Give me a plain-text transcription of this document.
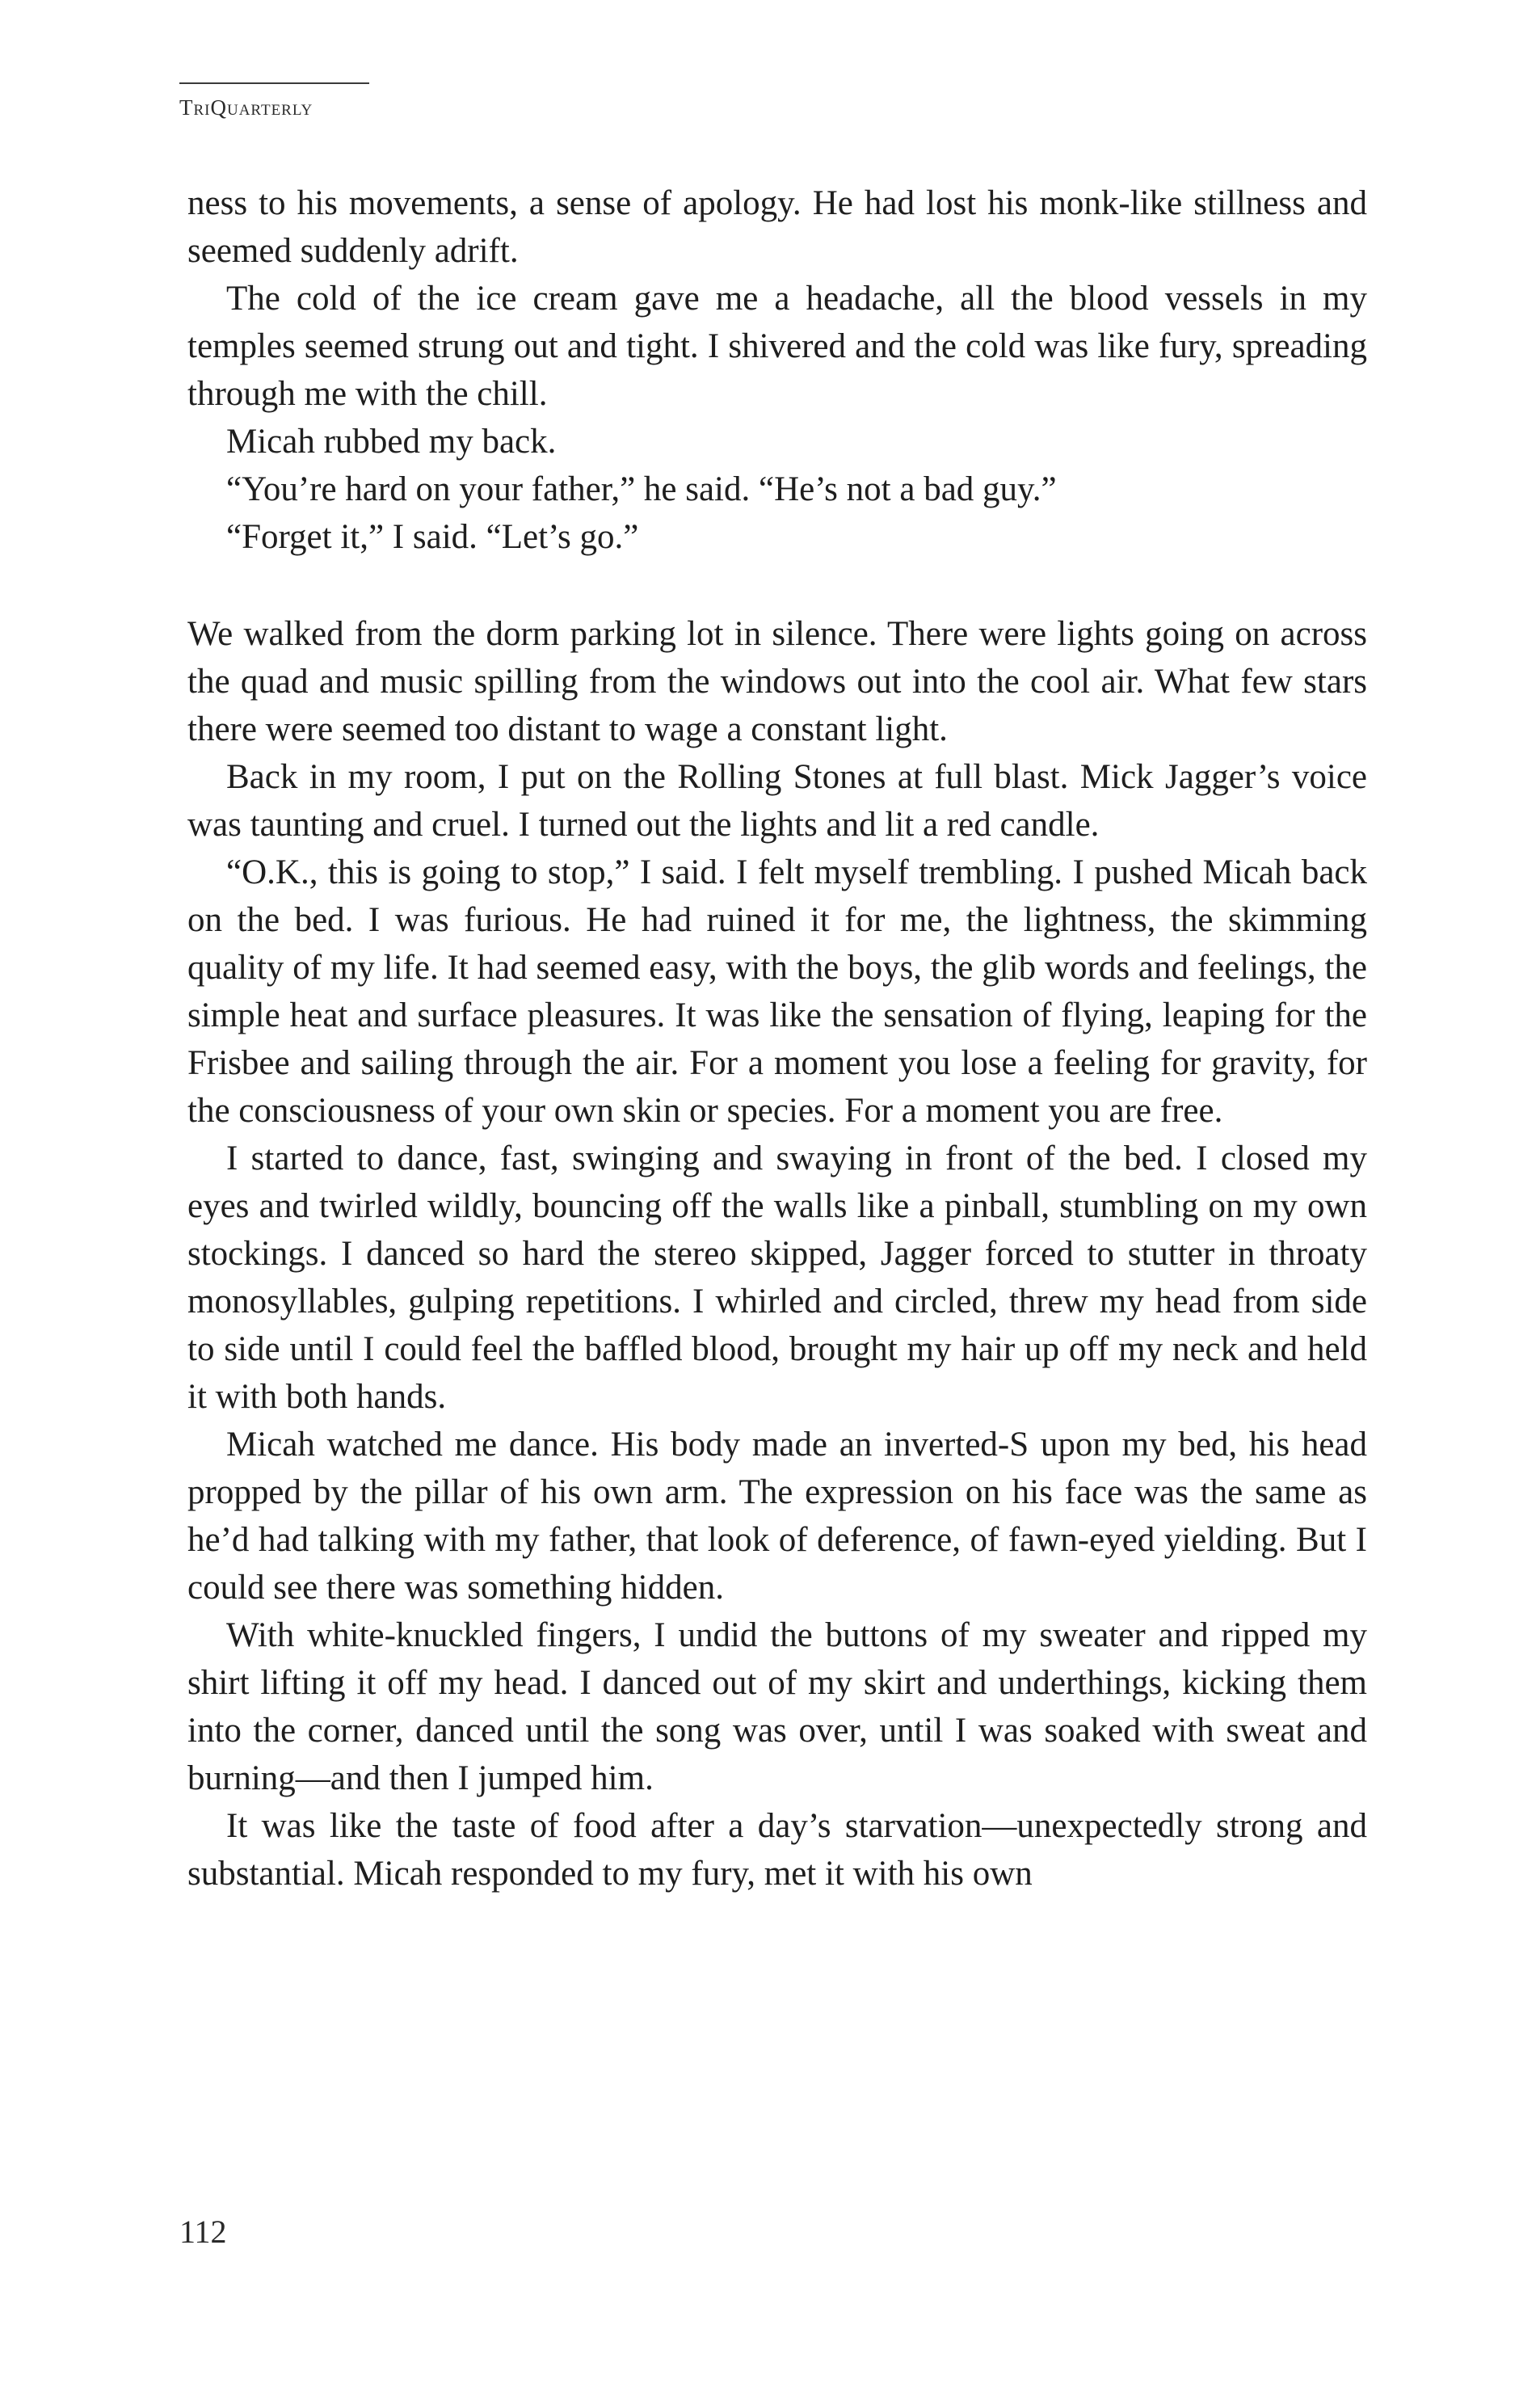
TriQuarterly

ness to his movements, a sense of apology. He had lost his monk-like stillness and seemed suddenly adrift.

The cold of the ice cream gave me a headache, all the blood vessels in my temples seemed strung out and tight. I shivered and the cold was like fury, spreading through me with the chill.

Micah rubbed my back.

“You’re hard on your father,” he said. “He’s not a bad guy.”

“Forget it,” I said. “Let’s go.”

We walked from the dorm parking lot in silence. There were lights going on across the quad and music spilling from the windows out into the cool air. What few stars there were seemed too distant to wage a constant light.

Back in my room, I put on the Rolling Stones at full blast. Mick Jagger’s voice was taunting and cruel. I turned out the lights and lit a red candle.

“O.K., this is going to stop,” I said. I felt myself trembling. I pushed Micah back on the bed. I was furious. He had ruined it for me, the lightness, the skimming quality of my life. It had seemed easy, with the boys, the glib words and feelings, the simple heat and surface pleasures. It was like the sensation of flying, leaping for the Frisbee and sailing through the air. For a moment you lose a feeling for gravity, for the consciousness of your own skin or species. For a moment you are free.

I started to dance, fast, swinging and swaying in front of the bed. I closed my eyes and twirled wildly, bouncing off the walls like a pinball, stumbling on my own stockings. I danced so hard the stereo skipped, Jagger forced to stutter in throaty monosyllables, gulping repetitions. I whirled and circled, threw my head from side to side until I could feel the baffled blood, brought my hair up off my neck and held it with both hands.

Micah watched me dance. His body made an inverted-S upon my bed, his head propped by the pillar of his own arm. The expression on his face was the same as he’d had talking with my father, that look of deference, of fawn-eyed yielding. But I could see there was something hidden.

With white-knuckled fingers, I undid the buttons of my sweater and ripped my shirt lifting it off my head. I danced out of my skirt and underthings, kicking them into the corner, danced until the song was over, until I was soaked with sweat and burning—and then I jumped him.

It was like the taste of food after a day’s starvation—unexpectedly strong and substantial. Micah responded to my fury, met it with his own

112
